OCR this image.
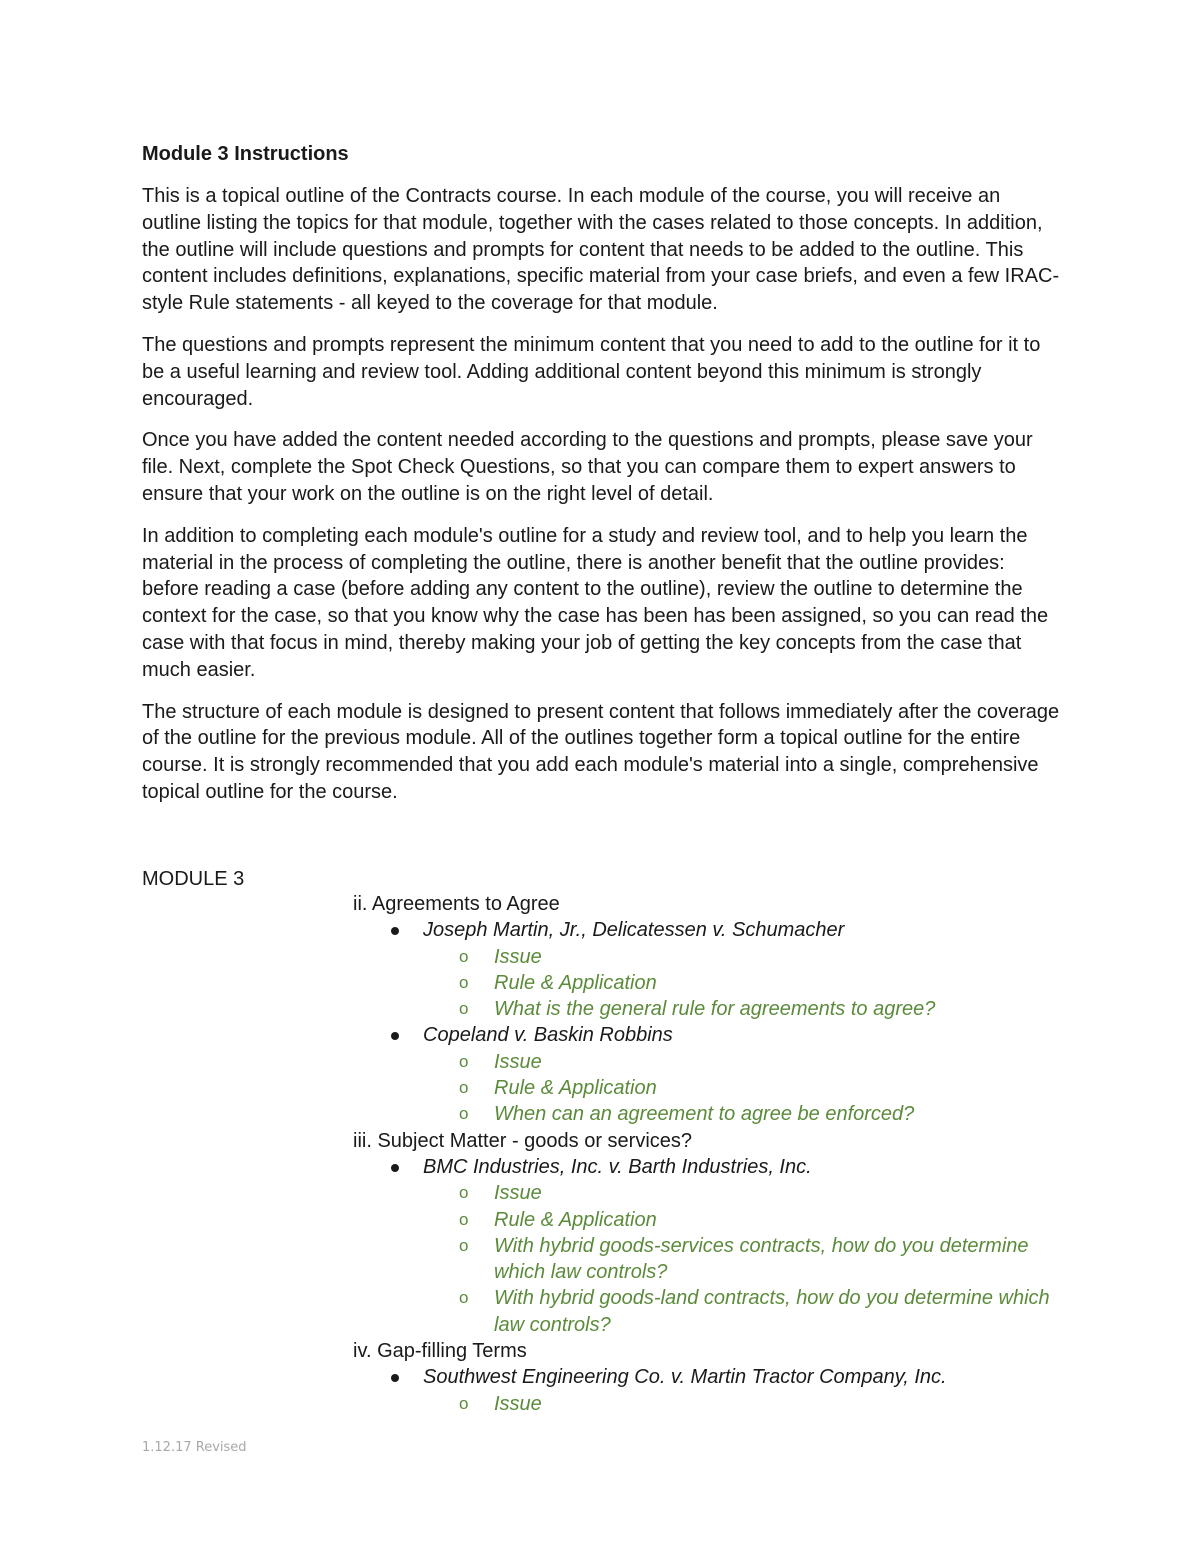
Module 3 Instructions

This is a topical outline of the Contracts course. In each module of the course, you will receive an outline listing the topics for that module, together with the cases related to those concepts. In addition, the outline will include questions and prompts for content that needs to be added to the outline. This content includes definitions, explanations, specific material from your case briefs, and even a few IRAC-style Rule statements - all keyed to the coverage for that module.

The questions and prompts represent the minimum content that you need to add to the outline for it to be a useful learning and review tool. Adding additional content beyond this minimum is strongly encouraged.

Once you have added the content needed according to the questions and prompts, please save your file. Next, complete the Spot Check Questions, so that you can compare them to expert answers to ensure that your work on the outline is on the right level of detail.

In addition to completing each module's outline for a study and review tool, and to help you learn the material in the process of completing the outline, there is another benefit that the outline provides: before reading a case (before adding any content to the outline), review the outline to determine the context for the case, so that you know why the case has been has been assigned, so you can read the case with that focus in mind, thereby making your job of getting the key concepts from the case that much easier.

The structure of each module is designed to present content that follows immediately after the coverage of the outline for the previous module. All of the outlines together form a topical outline for the entire course. It is strongly recommended that you add each module's material into a single, comprehensive topical outline for the course.

MODULE 3
ii. Agreements to Agree
Joseph Martin, Jr., Delicatessen v. Schumacher
o Issue
o Rule & Application
o What is the general rule for agreements to agree?
Copeland v. Baskin Robbins
o Issue
o Rule & Application
o When can an agreement to agree be enforced?
iii. Subject Matter - goods or services?
BMC Industries, Inc. v. Barth Industries, Inc.
o Issue
o Rule & Application
o With hybrid goods-services contracts, how do you determine which law controls?
o With hybrid goods-land contracts, how do you determine which law controls?
iv. Gap-filling Terms
Southwest Engineering Co. v. Martin Tractor Company, Inc.
o Issue
1.12.17 Revised
